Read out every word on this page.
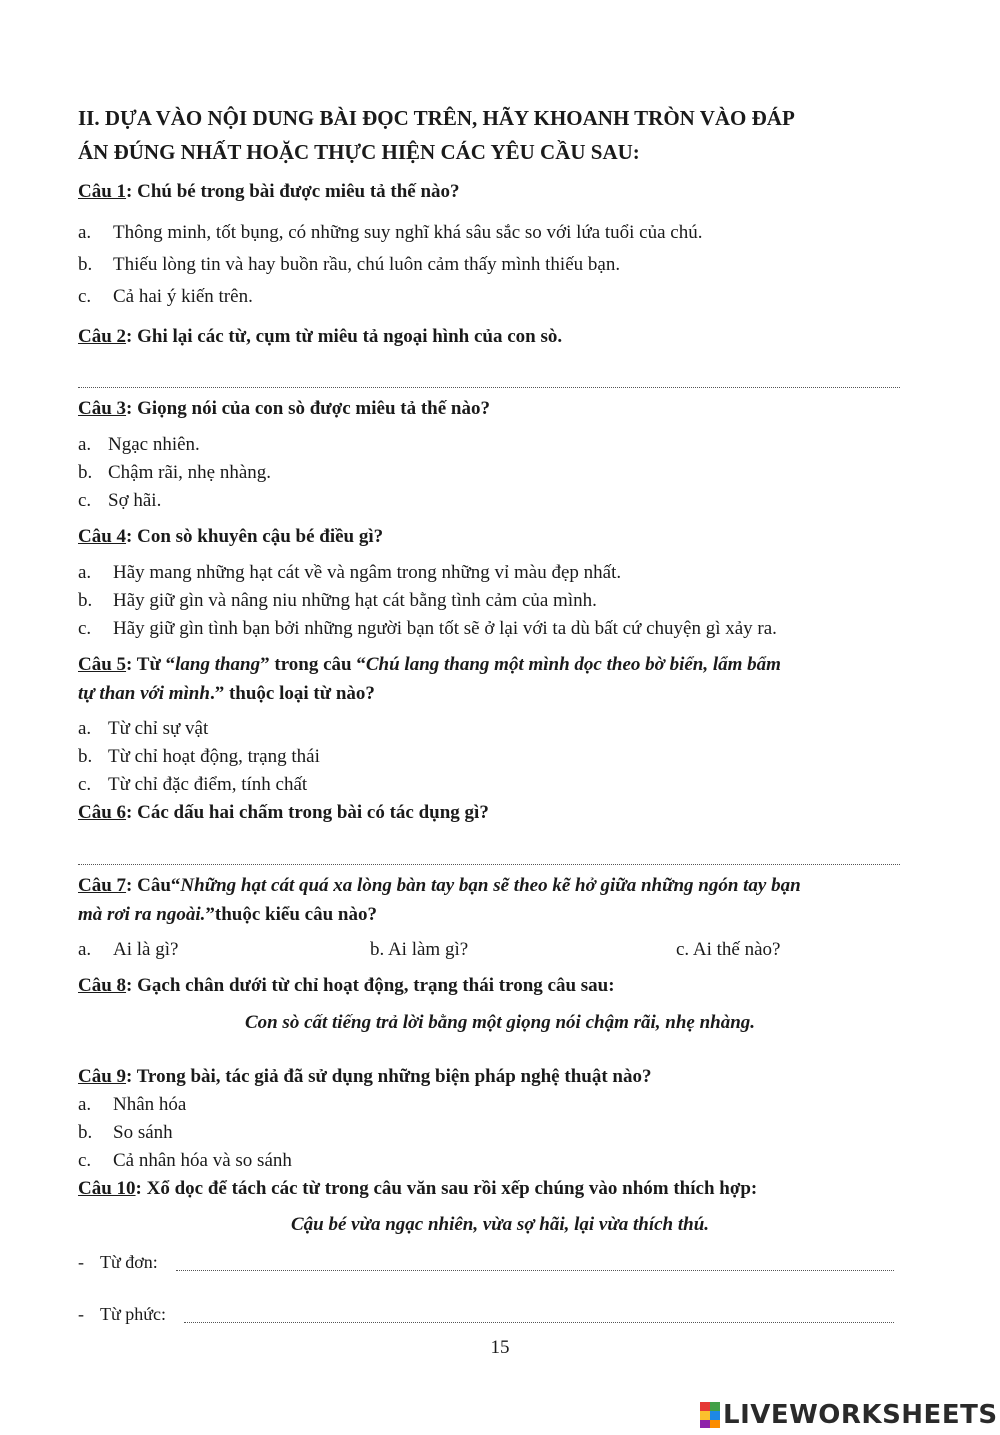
II. DỰA VÀO NỘI DUNG BÀI ĐỌC TRÊN, HÃY KHOANH TRÒN VÀO ĐÁP
ÁN ĐÚNG NHẤT HOẶC THỰC HIỆN CÁC YÊU CẦU SAU:
Câu 1: Chú bé trong bài được miêu tả thế nào?
a. Thông minh, tốt bụng, có những suy nghĩ khá sâu sắc so với lứa tuổi của chú.
b. Thiếu lòng tin và hay buồn rầu, chú luôn cảm thấy mình thiếu bạn.
c. Cả hai ý kiến trên.
Câu 2: Ghi lại các từ, cụm từ miêu tả ngoại hình của con sò.
Câu 3: Giọng nói của con sò được miêu tả thế nào?
a. Ngạc nhiên.
b. Chậm rãi, nhẹ nhàng.
c. Sợ hãi.
Câu 4: Con sò khuyên cậu bé điều gì?
a. Hãy mang những hạt cát về và ngâm trong những vỉ màu đẹp nhất.
b. Hãy giữ gìn và nâng niu những hạt cát bằng tình cảm của mình.
c. Hãy giữ gìn tình bạn bởi những người bạn tốt sẽ ở lại với ta dù bất cứ chuyện gì xảy ra.
Câu 5: Từ “lang thang” trong câu “Chú lang thang một mình dọc theo bờ biển, lẩm bẩm
tự than với mình.” thuộc loại từ nào?
a. Từ chỉ sự vật
b. Từ chỉ hoạt động, trạng thái
c. Từ chỉ đặc điểm, tính chất
Câu 6: Các dấu hai chấm trong bài có tác dụng gì?
Câu 7: Câu“Những hạt cát quá xa lòng bàn tay bạn sẽ theo kẽ hở giữa những ngón tay bạn
mà rơi ra ngoài.”thuộc kiểu câu nào?
a. Ai là gì?	b. Ai làm gì?	c. Ai thế nào?
Câu 8: Gạch chân dưới từ chỉ hoạt động, trạng thái trong câu sau:
Con sò cất tiếng trả lời bằng một giọng nói chậm rãi, nhẹ nhàng.
Câu 9: Trong bài, tác giả đã sử dụng những biện pháp nghệ thuật nào?
a. Nhân hóa
b. So sánh
c. Cả nhân hóa và so sánh
Câu 10: Xổ dọc để tách các từ trong câu văn sau rồi xếp chúng vào nhóm thích hợp:
Cậu bé vừa ngạc nhiên, vừa sợ hãi, lại vừa thích thú.
- Từ đơn:
- Từ phức:
15
LIVEWORKSHEETS
